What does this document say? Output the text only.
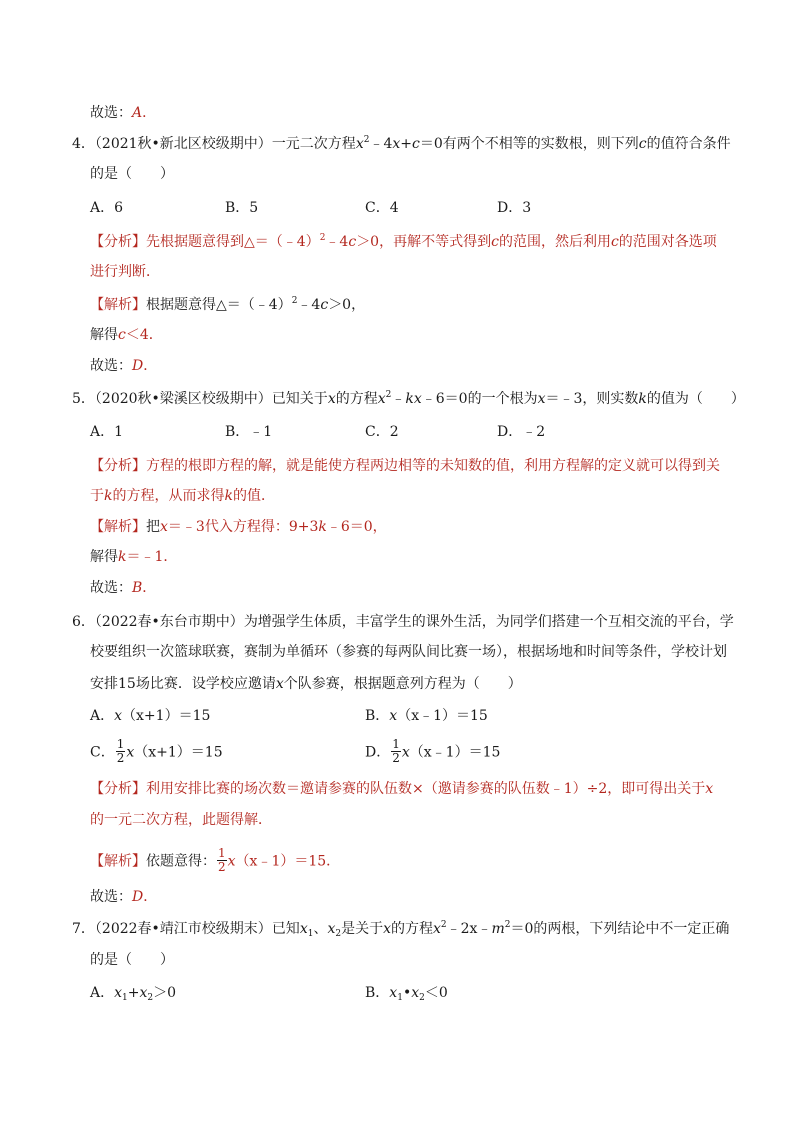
故选：A．
4．（2021秋•新北区校级期中）一元二次方程$x^2﹣4x+c=0$有两个不相等的实数根，则下列c的值符合条件
的是（　　）
A．6	B．5	C．4	D．3
【分析】先根据题意得到△＝（﹣4）$^2$﹣4c＞0，再解不等式得到c的范围，然后利用c的范围对各选项
进行判断．
【解析】根据题意得△＝（﹣4）$^2$﹣4c＞0，
解得c＜4．
故选：D．
5．（2020秋•梁溪区校级期中）已知关于x的方程$x^2﹣kx﹣6=0$的一个根为x＝﹣3，则实数k的值为（　　）
A．1	B．﹣1	C．2	D．﹣2
【分析】方程的根即方程的解，就是能使方程两边相等的未知数的值，利用方程解的定义就可以得到关
于k的方程，从而求得k的值．
【解析】把x＝﹣3代入方程得：9+3k﹣6＝0，
解得k＝﹣1．
故选：B．
6．（2022春•东台市期中）为增强学生体质，丰富学生的课外生活，为同学们搭建一个互相交流的平台，学
校要组织一次篮球联赛，赛制为单循环（参赛的每两队间比赛一场），根据场地和时间等条件，学校计划
安排15场比赛．设学校应邀请x个队参赛，根据题意列方程为（　　）
A．x（x+1）＝15	B．x（x﹣1）＝15
C． $\frac{1}{2} x(x+1)=15$	D． $\frac{1}{2}$ x（x﹣1）＝15
【分析】利用安排比赛的场次数＝邀请参赛的队伍数×（邀请参赛的队伍数﹣1）÷2，即可得出关于x
的一元二次方程，此题得解．
【解析】依题意得： $\frac{1}{2}$ x（x﹣1）＝15．
故选：D．
7．（2022春•靖江市校级期末）已知$x_1$、$x_2$是关于x的方程$x^2﹣2x﹣m^2=0$的两根，下列结论中不一定正确
的是（　　）
A．$x_1+x_2>0$	B．$x_1•x_2<0$
